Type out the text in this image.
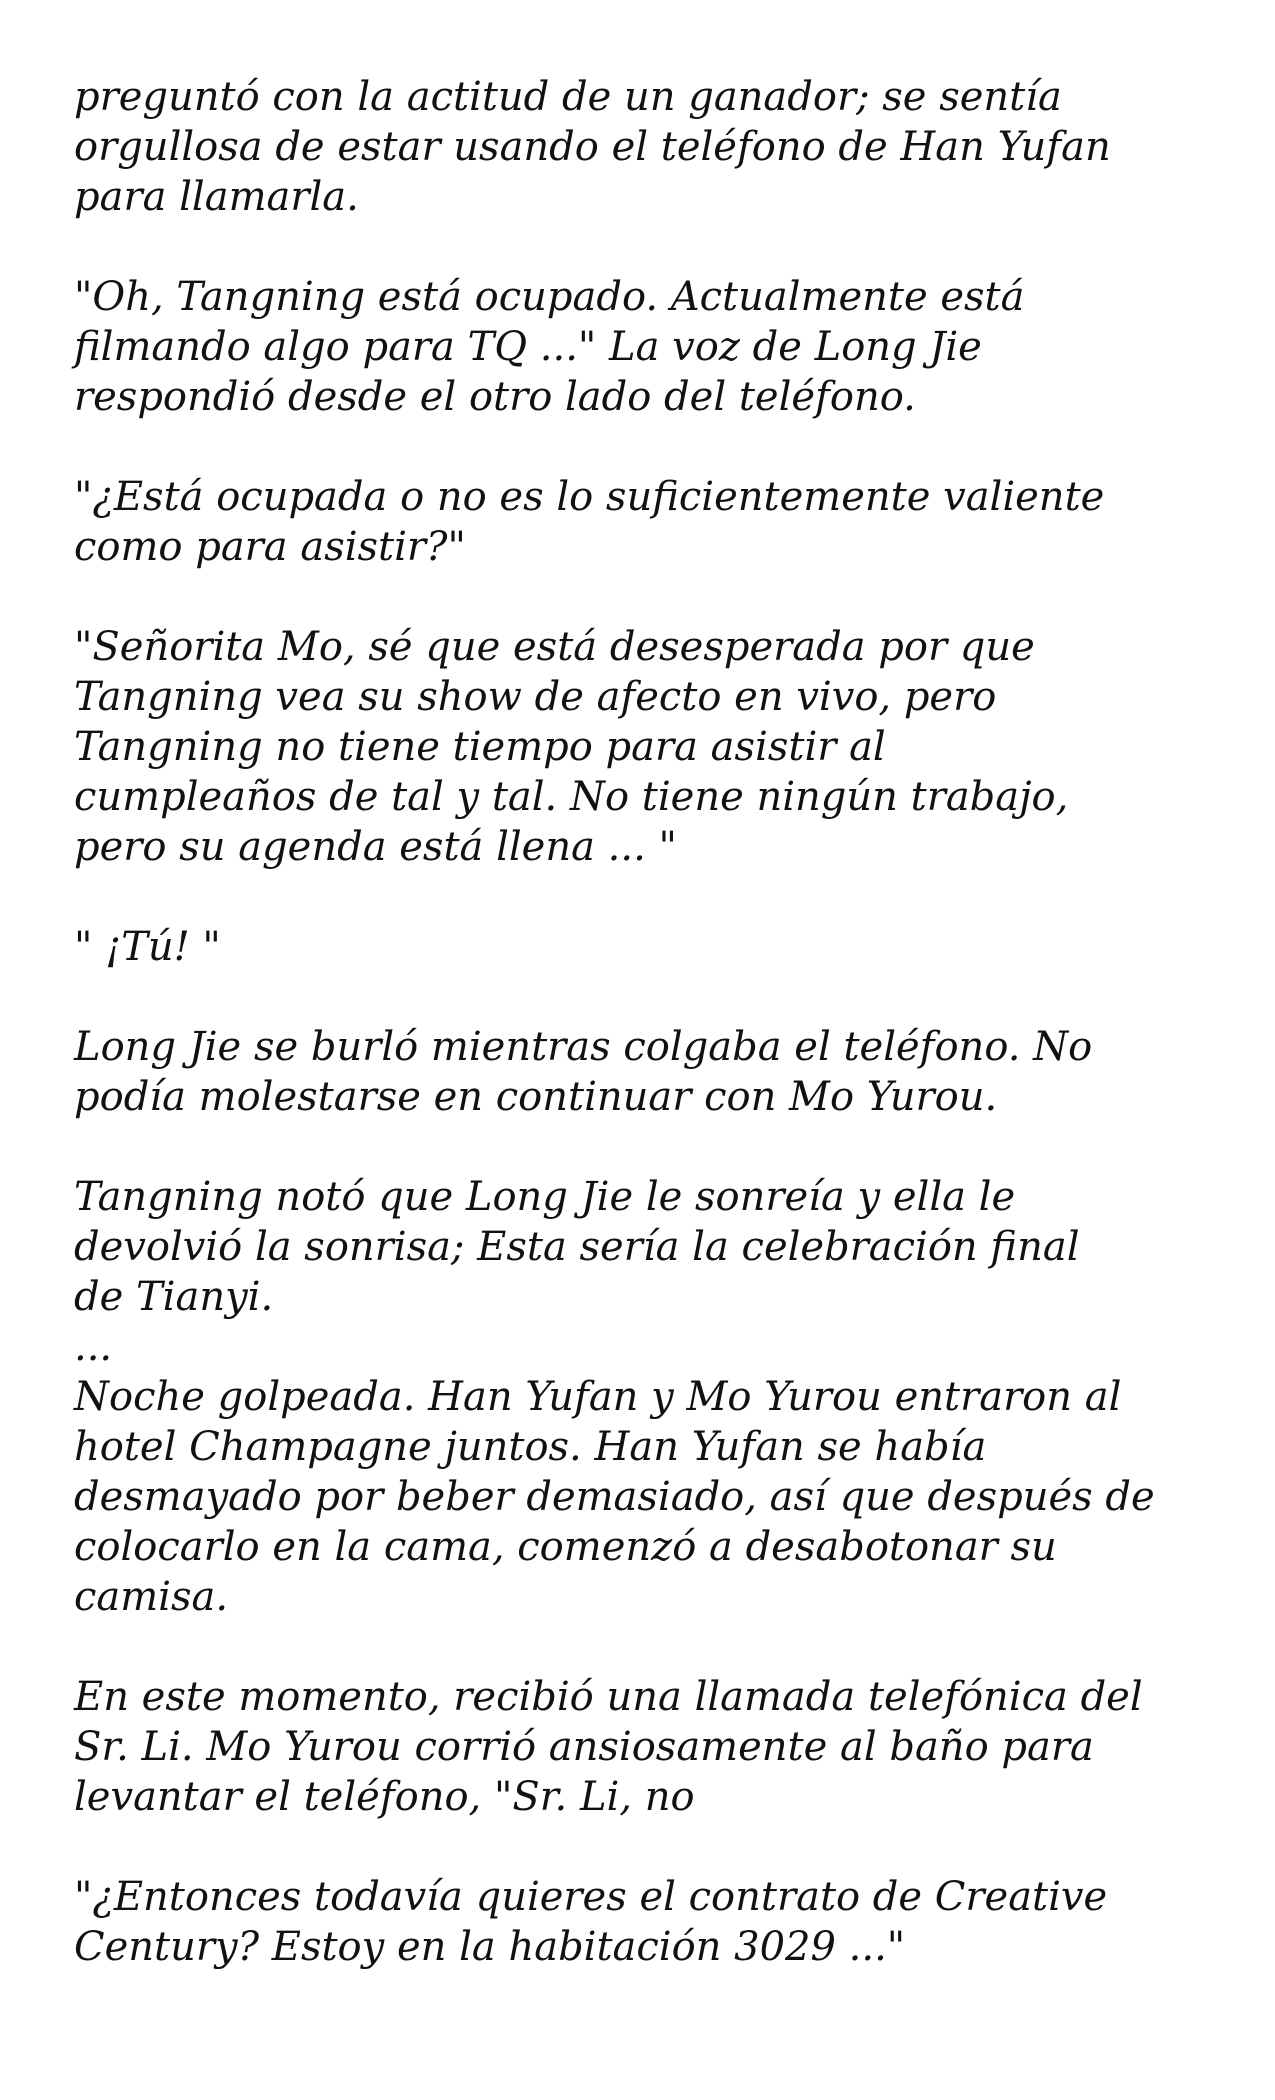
preguntó con la actitud de un ganador; se sentía
orgullosa de estar usando el teléfono de Han Yufan
para llamarla.

"Oh, Tangning está ocupado. Actualmente está
filmando algo para TQ ..." La voz de Long Jie
respondió desde el otro lado del teléfono.

"¿Está ocupada o no es lo suficientemente valiente
como para asistir?"

"Señorita Mo, sé que está desesperada por que
Tangning vea su show de afecto en vivo, pero
Tangning no tiene tiempo para asistir al
cumpleaños de tal y tal. No tiene ningún trabajo,
pero su agenda está llena ... "

" ¡Tú! "

Long Jie se burló mientras colgaba el teléfono. No
podía molestarse en continuar con Mo Yurou.

Tangning notó que Long Jie le sonreía y ella le
devolvió la sonrisa; Esta sería la celebración final
de Tianyi.

...

Noche golpeada. Han Yufan y Mo Yurou entraron al
hotel Champagne juntos. Han Yufan se había
desmayado por beber demasiado, así que después de
colocarlo en la cama, comenzó a desabotonar su
camisa.

En este momento, recibió una llamada telefónica del
Sr. Li. Mo Yurou corrió ansiosamente al baño para
levantar el teléfono, "Sr. Li, no

"¿Entonces todavía quieres el contrato de Creative
Century? Estoy en la habitación 3029 ..."
